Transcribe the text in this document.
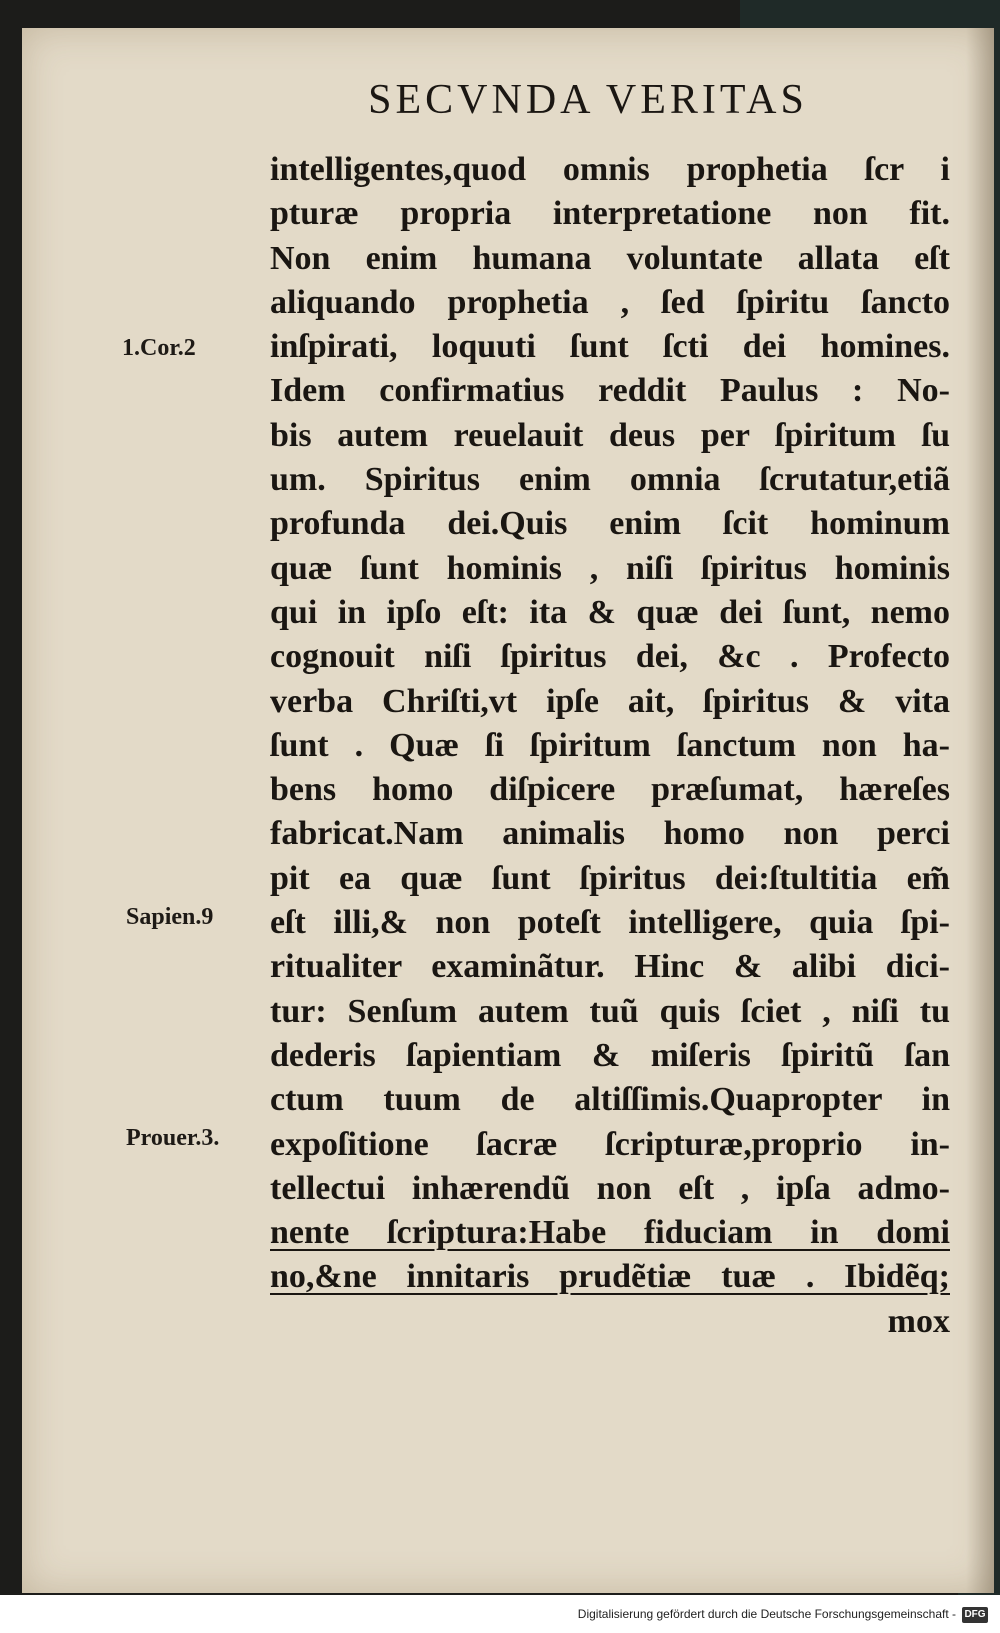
SECVNDA VERITAS
1.Cor.2
Sapien.9
Prouer.3.
intelligentes,quod omnis prophetia ſcr i
pturæ propria interpretatione non fit.
Non enim humana voluntate allata eſt
aliquando prophetia , ſed ſpiritu ſancto
inſpirati, loquuti ſunt ſcti dei homines.
Idem confirmatius reddit Paulus : No-
bis autem reuelauit deus per ſpiritum ſu
um. Spiritus enim omnia ſcrutatur,etiã
profunda dei.Quis enim ſcit hominum
quæ ſunt hominis , niſi ſpiritus hominis
qui in ipſo eſt: ita & quæ dei ſunt, nemo
cognouit niſi ſpiritus dei, &c . Profecto
verba Chriſti,vt ipſe ait, ſpiritus & vita
ſunt . Quæ ſi ſpiritum ſanctum non ha-
bens homo diſpicere præſumat, hæreſes
fabricat.Nam animalis homo non perci
pit ea quæ ſunt ſpiritus dei:ſtultitia em̃
eſt illi,& non poteſt intelligere, quia ſpi-
ritualiter examinãtur. Hinc & alibi dici-
tur: Senſum autem tuũ quis ſciet , niſi tu
dederis ſapientiam & miſeris ſpiritũ ſan
ctum tuum de altiſſimis.Quapropter in
expoſitione ſacræ ſcripturæ,proprio in-
tellectui inhærendũ non eſt , ipſa admo-
nente ſcriptura:Habe fiduciam in domi
no,&ne innitaris prudẽtiæ tuæ . Ibidẽq;
mox
Digitalisierung gefördert durch die Deutsche Forschungsgemeinschaft - DFG
